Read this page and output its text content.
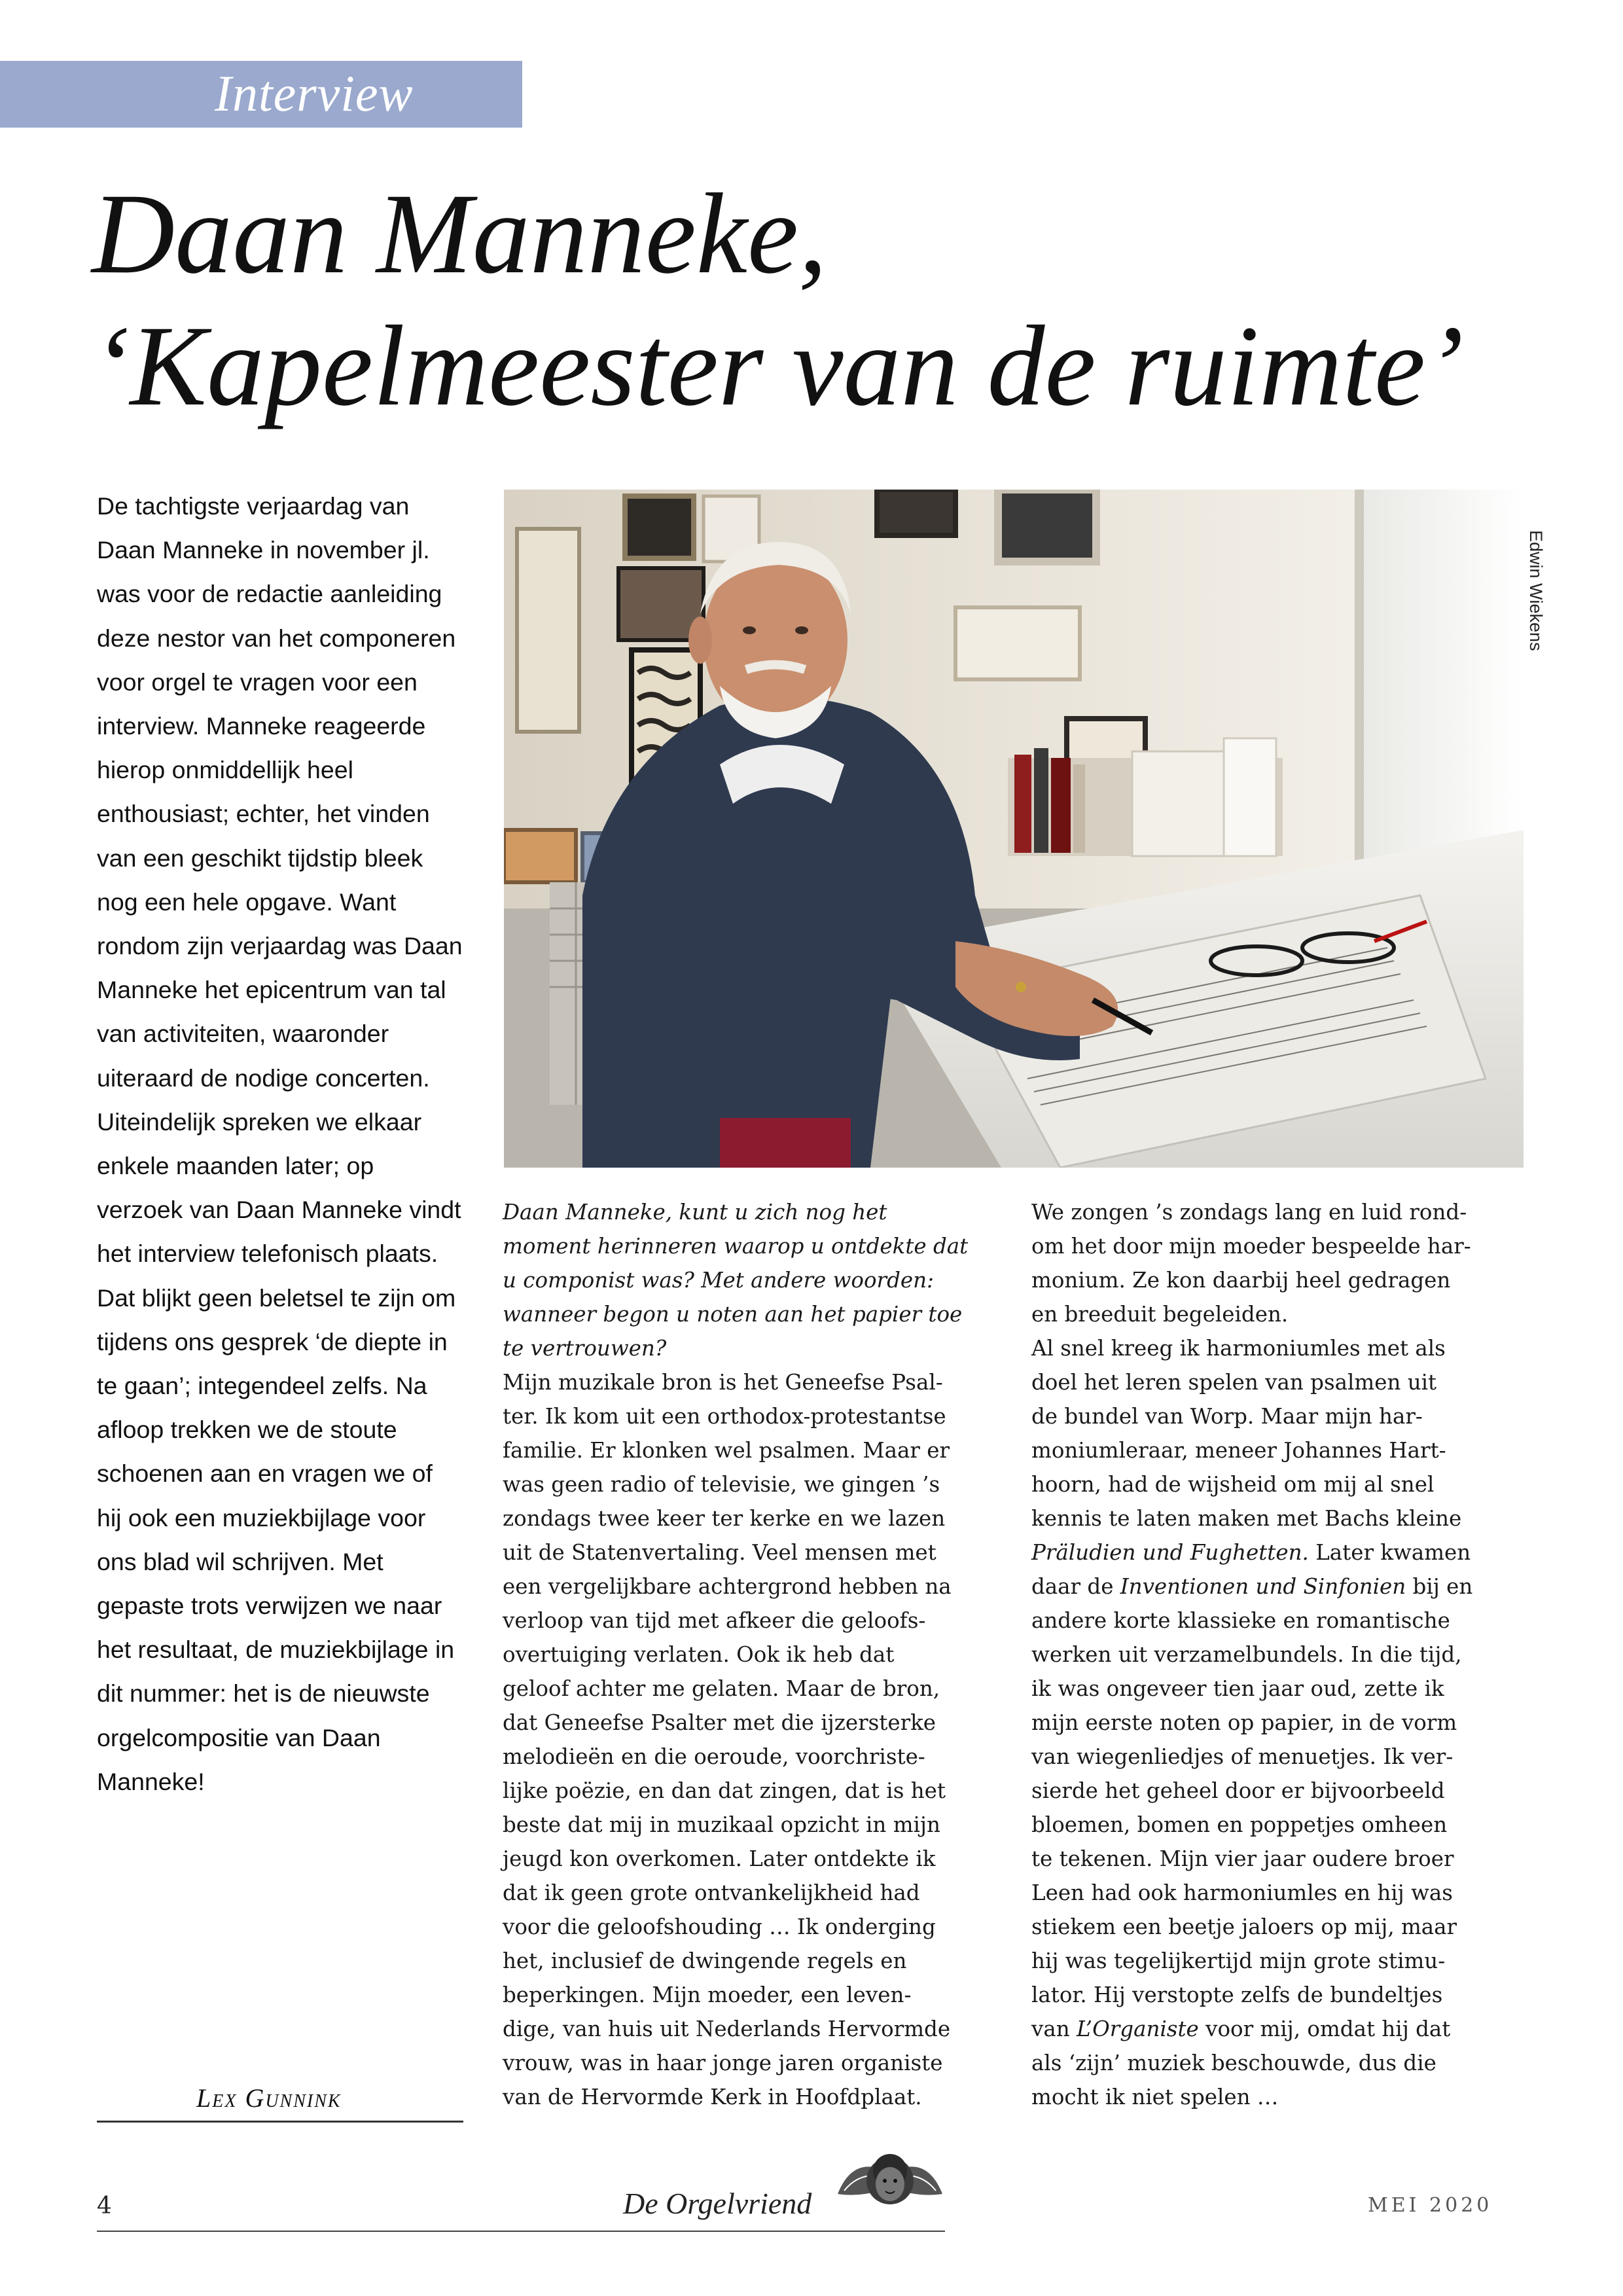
Interview
Daan Manneke,
‘Kapelmeester van de ruimte’
De tachtigste verjaardag van Daan Manneke in november jl. was voor de redactie aanleiding deze nestor van het componeren voor orgel te vragen voor een interview. Manneke reageerde hierop onmiddellijk heel enthousiast; echter, het vinden van een geschikt tijdstip bleek nog een hele opgave. Want rondom zijn verjaardag was Daan Manneke het epicentrum van tal van activiteiten, waaronder uiteraard de nodige concerten. Uiteindelijk spreken we elkaar enkele maanden later; op verzoek van Daan Manneke vindt het interview telefonisch plaats. Dat blijkt geen beletsel te zijn om tijdens ons gesprek ‘de diepte in te gaan’; integendeel zelfs. Na afloop trekken we de stoute schoenen aan en vragen we of hij ook een muziekbijlage voor ons blad wil schrijven. Met gepaste trots verwijzen we naar het resultaat, de muziekbijlage in dit nummer: het is de nieuwste orgelcompositie van Daan Manneke!
Lex Gunnink
Edwin Wiekens
Daan Manneke, kunt u zich nog het
moment herinneren waarop u ontdekte dat
u componist was? Met andere woorden:
wanneer begon u noten aan het papier toe
te vertrouwen?
Mijn muzikale bron is het Geneefse Psal-
ter. Ik kom uit een orthodox-protestantse
familie. Er klonken wel psalmen. Maar er
was geen radio of televisie, we gingen ’s
zondags twee keer ter kerke en we lazen
uit de Statenvertaling. Veel mensen met
een vergelijkbare achtergrond hebben na
verloop van tijd met afkeer die geloofs-
overtuiging verlaten. Ook ik heb dat
geloof achter me gelaten. Maar de bron,
dat Geneefse Psalter met die ijzersterke
melodieën en die oeroude, voorchriste-
lijke poëzie, en dan dat zingen, dat is het
beste dat mij in muzikaal opzicht in mijn
jeugd kon overkomen. Later ontdekte ik
dat ik geen grote ontvankelijkheid had
voor die geloofshouding … Ik onderging
het, inclusief de dwingende regels en
beperkingen. Mijn moeder, een leven-
dige, van huis uit Nederlands Hervormde
vrouw, was in haar jonge jaren organiste
van de Hervormde Kerk in Hoofdplaat.
We zongen ’s zondags lang en luid rond-
om het door mijn moeder bespeelde har-
monium. Ze kon daarbij heel gedragen
en breeduit begeleiden.
Al snel kreeg ik harmoniumles met als
doel het leren spelen van psalmen uit
de bundel van Worp. Maar mijn har-
moniumleraar, meneer Johannes Hart-
hoorn, had de wijsheid om mij al snel
kennis te laten maken met Bachs kleine
Präludien und Fughetten. Later kwamen
daar de Inventionen und Sinfonien bij en
andere korte klassieke en romantische
werken uit verzamelbundels. In die tijd,
ik was ongeveer tien jaar oud, zette ik
mijn eerste noten op papier, in de vorm
van wiegenliedjes of menuetjes. Ik ver-
sierde het geheel door er bijvoorbeeld
bloemen, bomen en poppetjes omheen
te tekenen. Mijn vier jaar oudere broer
Leen had ook harmoniumles en hij was
stiekem een beetje jaloers op mij, maar
hij was tegelijkertijd mijn grote stimu-
lator. Hij verstopte zelfs de bundeltjes
van L’Organiste voor mij, omdat hij dat
als ‘zijn’ muziek beschouwde, dus die
mocht ik niet spelen …
4	De Orgelvriend	MEI 2020
